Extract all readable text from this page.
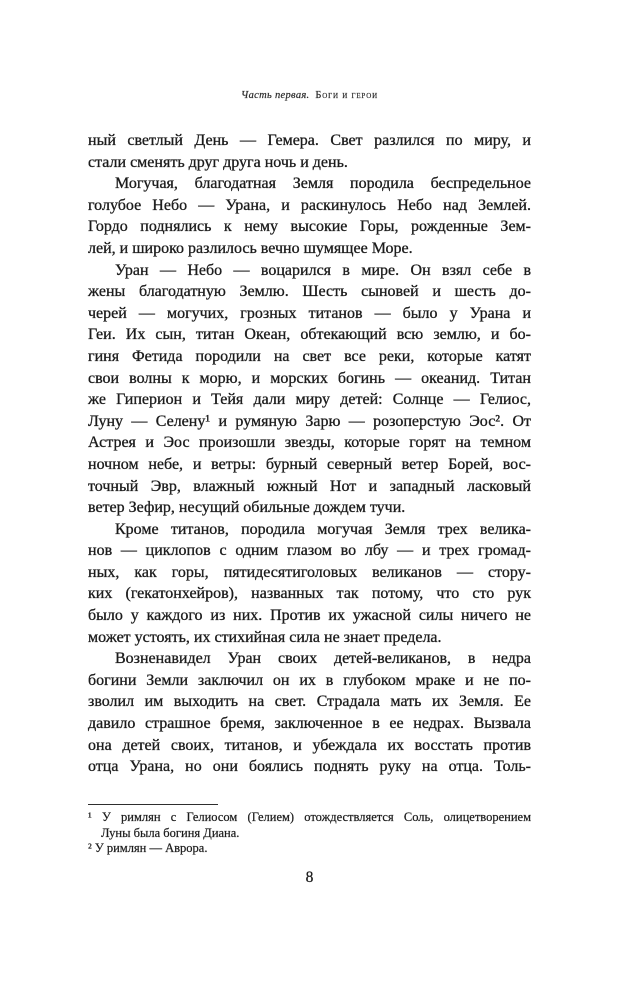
Часть первая. Боги и герои
ный светлый День — Гемера. Свет разлился по миру, и
стали сменять друг друга ночь и день.
Могучая, благодатная Земля породила беспредельное
голубое Небо — Урана, и раскинулось Небо над Землей.
Гордо поднялись к нему высокие Горы, рожденные Зем-
лей, и широко разлилось вечно шумящее Море.
Уран — Небо — воцарился в мире. Он взял себе в
жены благодатную Землю. Шесть сыновей и шесть до-
черей — могучих, грозных титанов — было у Урана и
Геи. Их сын, титан Океан, обтекающий всю землю, и бо-
гиня Фетида породили на свет все реки, которые катят
свои волны к морю, и морских богинь — океанид. Титан
же Гиперион и Тейя дали миру детей: Солнце — Гелиос,
Луну — Селену¹ и румяную Зарю — розоперстую Эос². От
Астрея и Эос произошли звезды, которые горят на темном
ночном небе, и ветры: бурный северный ветер Борей, вос-
точный Эвр, влажный южный Нот и западный ласковый
ветер Зефир, несущий обильные дождем тучи.
Кроме титанов, породила могучая Земля трех велика-
нов — циклопов с одним глазом во лбу — и трех громад-
ных, как горы, пятидесятиголовых великанов — стору-
ких (гекатонхейров), названных так потому, что сто рук
было у каждого из них. Против их ужасной силы ничего не
может устоять, их стихийная сила не знает предела.
Возненавидел Уран своих детей-великанов, в недра
богини Земли заключил он их в глубоком мраке и не по-
зволил им выходить на свет. Страдала мать их Земля. Ее
давило страшное бремя, заключенное в ее недрах. Вызвала
она детей своих, титанов, и убеждала их восстать против
отца Урана, но они боялись поднять руку на отца. Толь-
¹ У римлян с Гелиосом (Гелием) отождествляется Соль, олицетворением
Луны была богиня Диана.
² У римлян — Аврора.
8
